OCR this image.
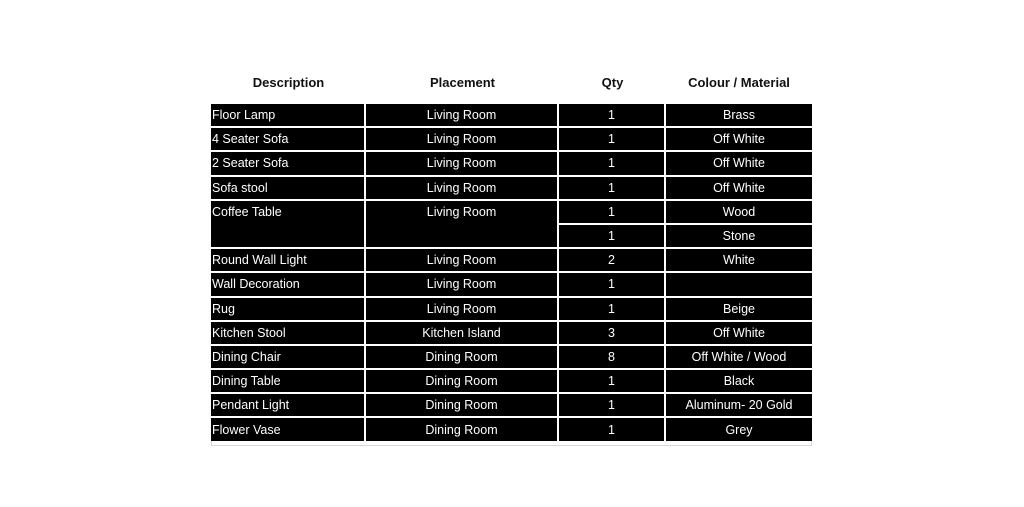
Description	Placement	Qty	Colour / Material
Floor Lamp	Living Room	1	Brass
4 Seater Sofa	Living Room	1	Off White
2 Seater Sofa	Living Room	1	Off White
Sofa stool	Living Room	1	Off White
Coffee Table	Living Room	1	Wood
		1	Stone
Round Wall Light	Living Room	2	White
Wall Decoration	Living Room	1	
Rug	Living Room	1	Beige
Kitchen Stool	Kitchen Island	3	Off White
Dining Chair	Dining Room	8	Off White / Wood
Dining Table	Dining Room	1	Black
Pendant Light	Dining Room	1	Aluminum- 20 Gold
Flower Vase	Dining Room	1	Grey
